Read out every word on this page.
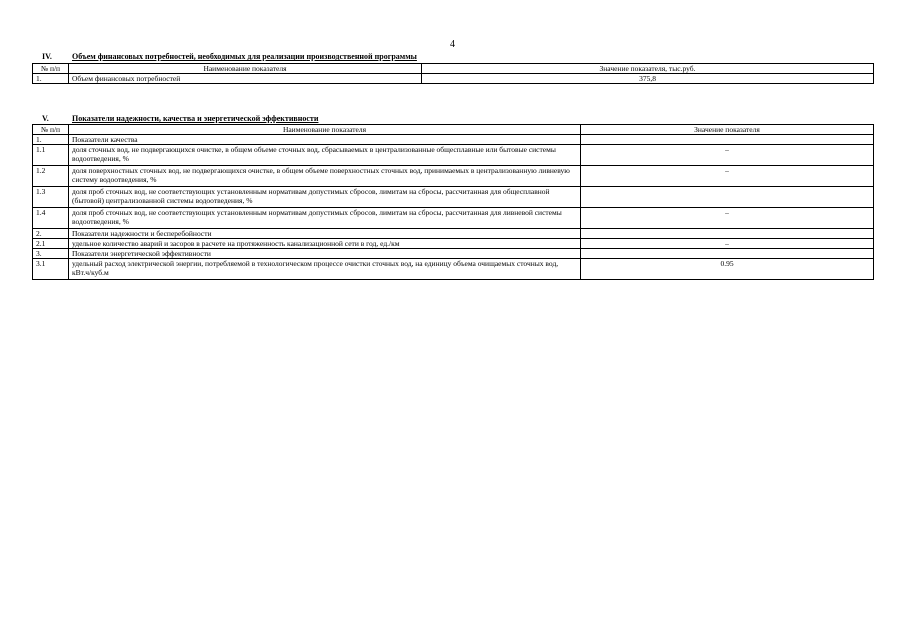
4
IV.	Объем финансовых потребностей, необходимых для реализации производственной программы
№ п/п	Наименование показателя	Значение показателя, тыс.руб.
1.	Объем финансовых потребностей	375,8
V.	Показатели надежности, качества и энергетической эффективности
№ п/п	Наименование показателя	Значение показателя
1.	Показатели качества	
1.1	доля сточных вод, не подвергающихся очистке, в общем объеме сточных вод, сбрасываемых в централизованные общесплавные или бытовые системы водоотведения, %	–
1.2	доля поверхностных сточных вод, не подвергающихся очистке, в общем объеме поверхностных сточных вод, принимаемых в централизованную ливневую систему водоотведения, %	–
1.3	доля проб сточных вод, не соответствующих установленным нормативам допустимых сбросов, лимитам на сбросы, рассчитанная для общесплавной (бытовой) централизованной системы водоотведения, %	
1.4	доля проб сточных вод, не соответствующих установленным нормативам допустимых сбросов, лимитам на сбросы, рассчитанная для ливневой системы водоотведения, %	–
2.	Показатели надежности и бесперебойности	
2.1	удельное количество аварий и засоров в расчете на протяженность канализационной сети в год, ед./км	–
3.	Показатели энергетической эффективности	
3.1	удельный расход электрической энергии, потребляемой в технологическом процессе очистки сточных вод, на единицу объема очищаемых сточных вод, кВт.ч/куб.м	0.95
